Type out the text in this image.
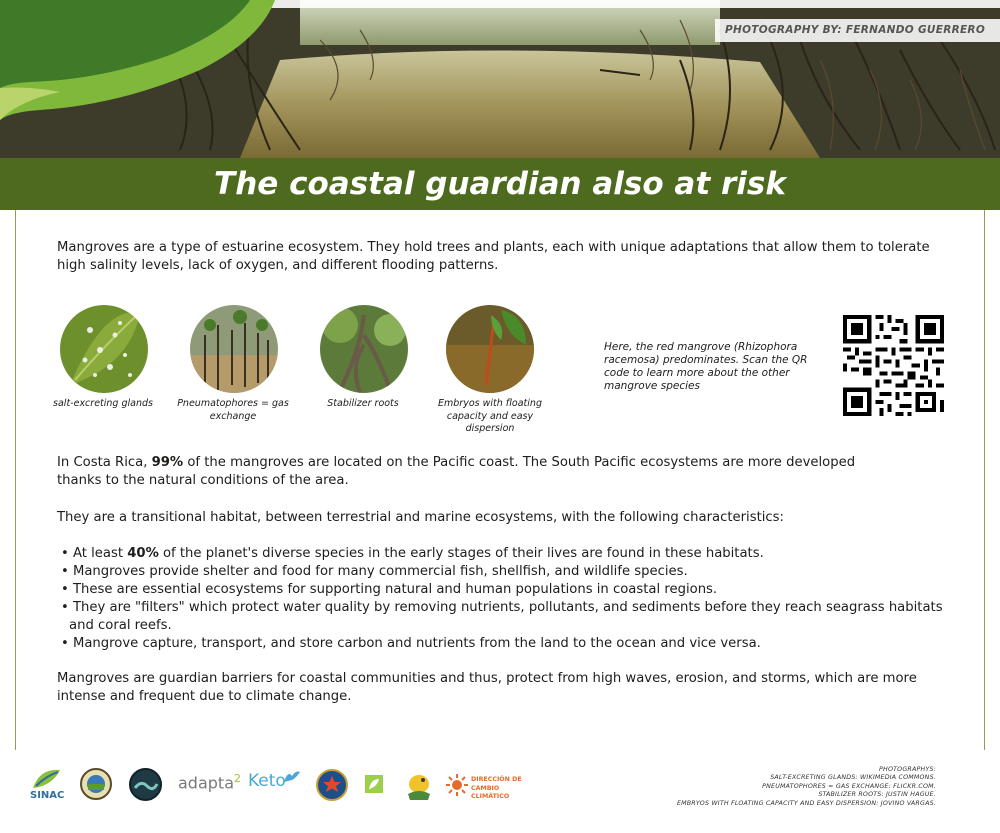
PHOTOGRAPHY BY: FERNANDO GUERRERO
The coastal guardian also at risk

Mangroves are a type of estuarine ecosystem. They hold trees and plants, each with unique adaptations that allow them to tolerate high salinity levels, lack of oxygen, and different flooding patterns.

salt-excreting glands	Pneumatophores = gas exchange
Stabilizer roots	Embryos with floating capacity and easy dispersion

Here, the red mangrove (Rhizophora racemosa) predominates. Scan the QR code to learn more about the other mangrove species

In Costa Rica, 99% of the mangroves are located on the Pacific coast. The South Pacific ecosystems are more developed thanks to the natural conditions of the area.

They are a transitional habitat, between terrestrial and marine ecosystems, with the following characteristics:

• At least 40% of the planet's diverse species in the early stages of their lives are found in these habitats.
• Mangroves provide shelter and food for many commercial fish, shellfish, and wildlife species.
• These are essential ecosystems for supporting natural and human populations in coastal regions.
• They are "filters" which protect water quality by removing nutrients, pollutants, and sediments before they reach seagrass habitats and coral reefs.
• Mangrove capture, transport, and store carbon and nutrients from the land to the ocean and vice versa.

Mangroves are guardian barriers for coastal communities and thus, protect from high waves, erosion, and storms, which are more intense and frequent due to climate change.

SINAC
adapta$^2$ Keto	DIRECCIÓN DE
CAMBIO CLIMÁTICO
PHOTOGRAPHYS:
SALT-EXCRETING GLANDS: WIKIMEDIA COMMONS.
PNEUMATOPHORES = GAS EXCHANGE: FLICKR.COM.
STABILIZER ROOTS: JUSTIN HAGUE.
EMBRYOS WITH FLOATING CAPACITY AND EASY DISPERSION: JOVINO VARGAS.
